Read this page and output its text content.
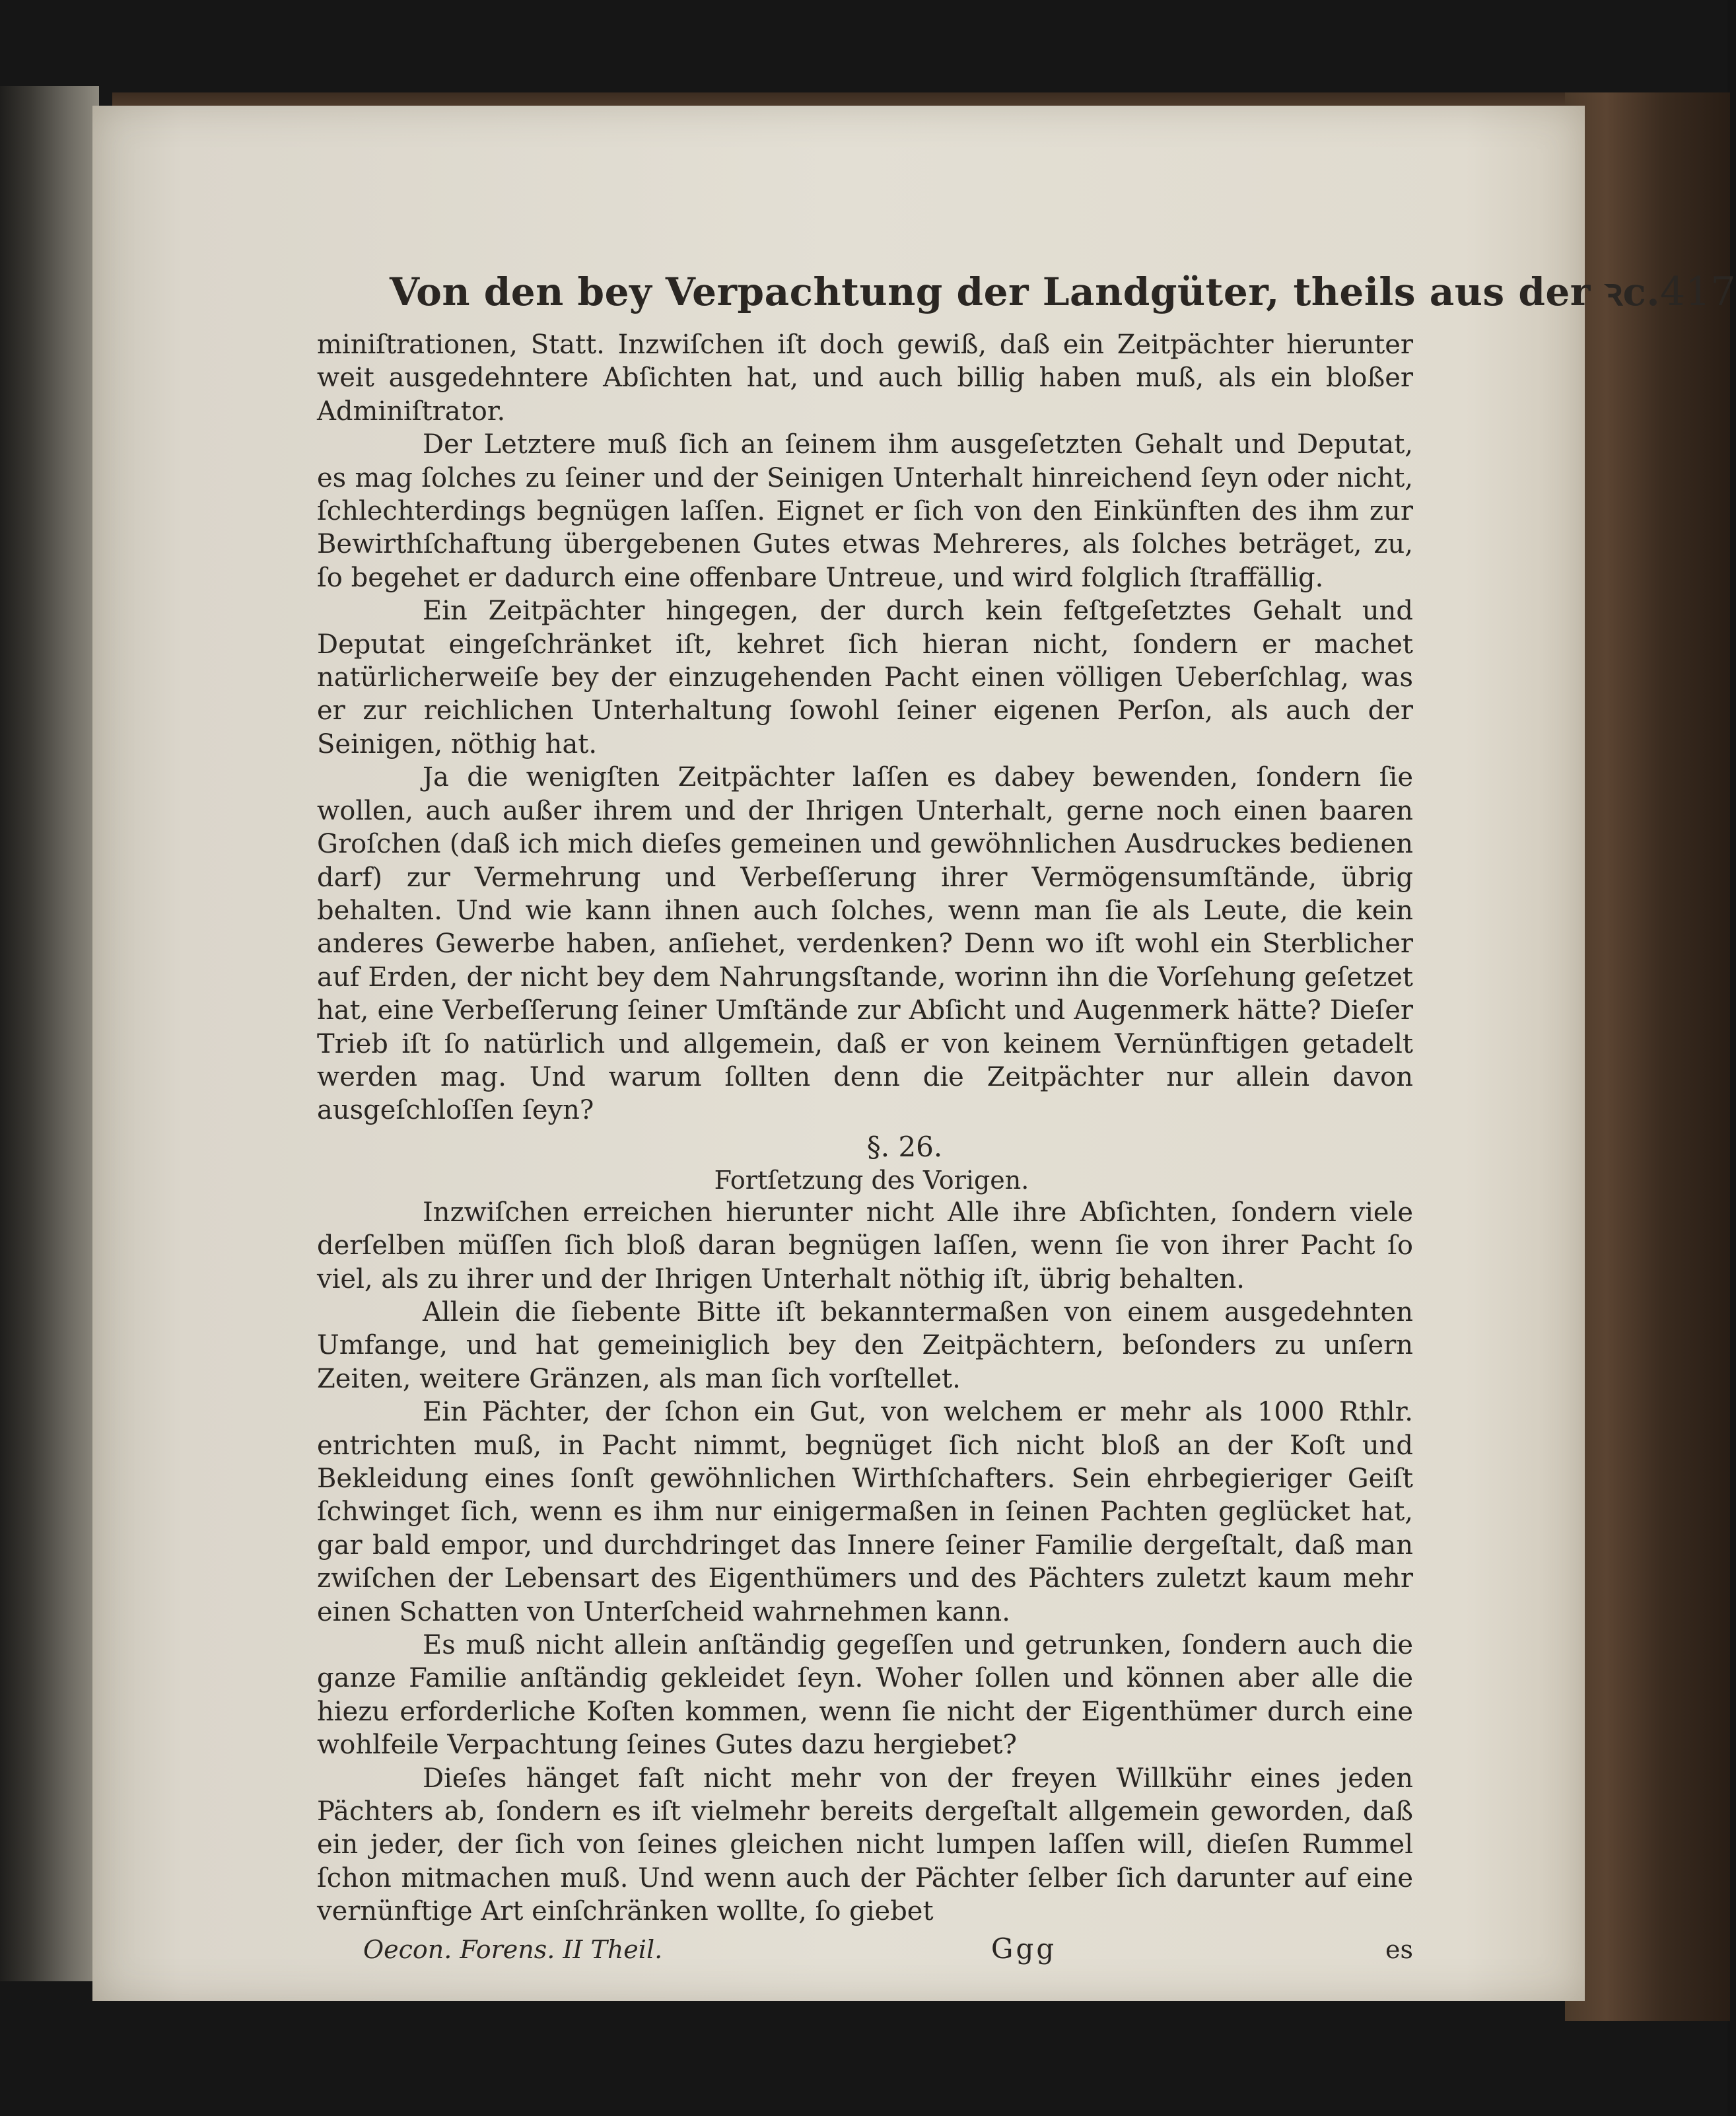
Von den bey Verpachtung der Landgüter, theils aus der ꝛc. 417

miniſtrationen, Statt. Inzwiſchen iſt doch gewiß, daß ein Zeitpächter hierunter weit ausgedehntere Abſichten hat, und auch billig haben muß, als ein bloßer Adminiſtrator.

Der Letztere muß ſich an ſeinem ihm ausgeſetzten Gehalt und Deputat, es mag ſolches zu ſeiner und der Seinigen Unterhalt hinreichend ſeyn oder nicht, ſchlechterdings begnügen laſſen. Eignet er ſich von den Einkünften des ihm zur Bewirthſchaftung übergebenen Gutes etwas Mehreres, als ſolches beträget, zu, ſo begehet er dadurch eine offenbare Untreue, und wird folglich ſtraffällig.

Ein Zeitpächter hingegen, der durch kein feſtgeſetztes Gehalt und Deputat eingeſchränket iſt, kehret ſich hieran nicht, ſondern er machet natürlicherweiſe bey der einzugehenden Pacht einen völligen Ueberſchlag, was er zur reichlichen Unterhaltung ſowohl ſeiner eigenen Perſon, als auch der Seinigen, nöthig hat.

Ja die wenigſten Zeitpächter laſſen es dabey bewenden, ſondern ſie wollen, auch außer ihrem und der Ihrigen Unterhalt, gerne noch einen baaren Groſchen (daß ich mich dieſes gemeinen und gewöhnlichen Ausdruckes bedienen darf) zur Vermehrung und Verbeſſerung ihrer Vermögensumſtände, übrig behalten. Und wie kann ihnen auch ſolches, wenn man ſie als Leute, die kein anderes Gewerbe haben, anſiehet, verdenken? Denn wo iſt wohl ein Sterblicher auf Erden, der nicht bey dem Nahrungsſtande, worinn ihn die Vorſehung geſetzet hat, eine Verbeſſerung ſeiner Umſtände zur Abſicht und Augenmerk hätte? Dieſer Trieb iſt ſo natürlich und allgemein, daß er von keinem Vernünftigen getadelt werden mag. Und warum ſollten denn die Zeitpächter nur allein davon ausgeſchloſſen ſeyn?

§. 26.
Fortſetzung des Vorigen.

Inzwiſchen erreichen hierunter nicht Alle ihre Abſichten, ſondern viele derſelben müſſen ſich bloß daran begnügen laſſen, wenn ſie von ihrer Pacht ſo viel, als zu ihrer und der Ihrigen Unterhalt nöthig iſt, übrig behalten.

Allein die ſiebente Bitte iſt bekanntermaßen von einem ausgedehnten Umfange, und hat gemeiniglich bey den Zeitpächtern, beſonders zu unſern Zeiten, weitere Gränzen, als man ſich vorſtellet.

Ein Pächter, der ſchon ein Gut, von welchem er mehr als 1000 Rthlr. entrichten muß, in Pacht nimmt, begnüget ſich nicht bloß an der Koſt und Bekleidung eines ſonſt gewöhnlichen Wirthſchafters. Sein ehrbegieriger Geiſt ſchwinget ſich, wenn es ihm nur einigermaßen in ſeinen Pachten geglücket hat, gar bald empor, und durchdringet das Innere ſeiner Familie dergeſtalt, daß man zwiſchen der Lebensart des Eigenthümers und des Pächters zuletzt kaum mehr einen Schatten von Unterſcheid wahrnehmen kann.

Es muß nicht allein anſtändig gegeſſen und getrunken, ſondern auch die ganze Familie anſtändig gekleidet ſeyn. Woher ſollen und können aber alle die hiezu erforderliche Koſten kommen, wenn ſie nicht der Eigenthümer durch eine wohlfeile Verpachtung ſeines Gutes dazu hergiebet?

Dieſes hänget faſt nicht mehr von der freyen Willkühr eines jeden Pächters ab, ſondern es iſt vielmehr bereits dergeſtalt allgemein geworden, daß ein jeder, der ſich von ſeines gleichen nicht lumpen laſſen will, dieſen Rummel ſchon mitmachen muß. Und wenn auch der Pächter ſelber ſich darunter auf eine vernünftige Art einſchränken wollte, ſo giebet

Oecon. Forens. II Theil.	Ggg	es
